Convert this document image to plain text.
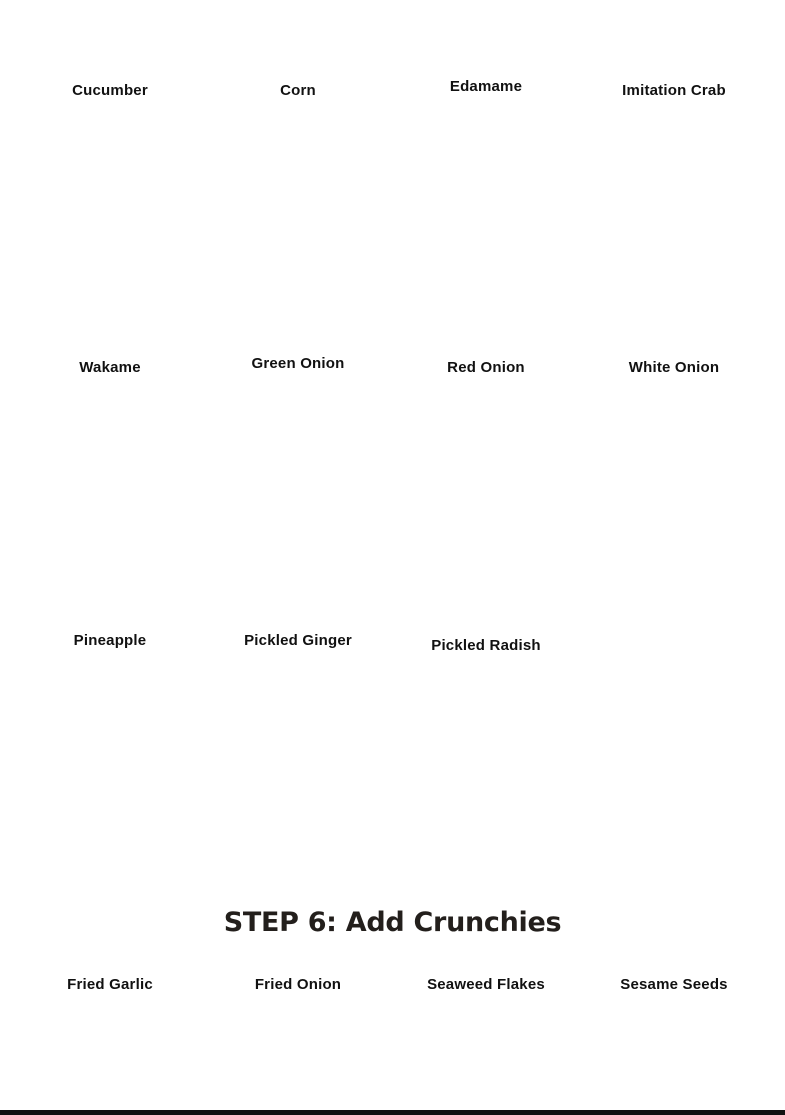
Cucumber	Corn	Edamame	Imitation Crab
Wakame	Green Onion	Red Onion	White Onion
Pineapple	Pickled Ginger	Pickled Radish
STEP 6: Add Crunchies
Fried Garlic	Fried Onion	Seaweed Flakes	Sesame Seeds
